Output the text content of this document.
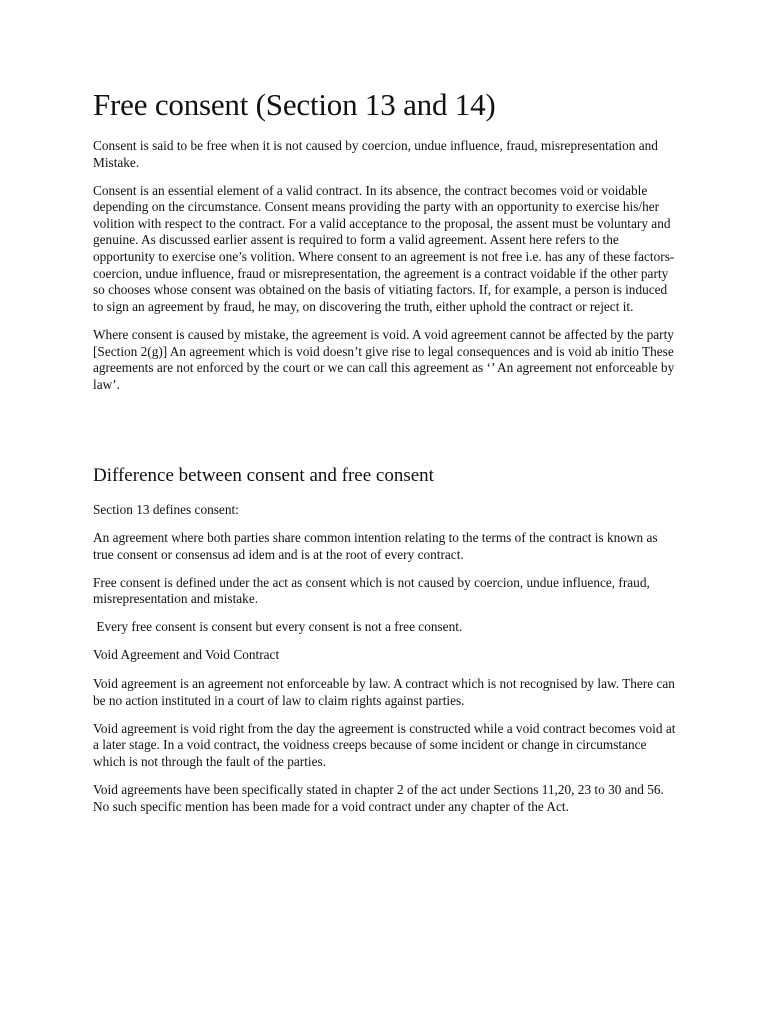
Free consent (Section 13 and 14)

Consent is said to be free when it is not caused by coercion, undue influence, fraud, misrepresentation and Mistake.

Consent is an essential element of a valid contract. In its absence, the contract becomes void or voidable depending on the circumstance. Consent means providing the party with an opportunity to exercise his/her volition with respect to the contract. For a valid acceptance to the proposal, the assent must be voluntary and genuine. As discussed earlier assent is required to form a valid agreement. Assent here refers to the opportunity to exercise one’s volition. Where consent to an agreement is not free i.e. has any of these factors- coercion, undue influence, fraud or misrepresentation, the agreement is a contract voidable if the other party so chooses whose consent was obtained on the basis of vitiating factors. If, for example, a person is induced to sign an agreement by fraud, he may, on discovering the truth, either uphold the contract or reject it.

Where consent is caused by mistake, the agreement is void. A void agreement cannot be affected by the party [Section 2(g)] An agreement which is void doesn’t give rise to legal consequences and is void ab initio These agreements are not enforced by the court or we can call this agreement as ‘’ An agreement not enforceable by law’.

Difference between consent and free consent

Section 13 defines consent:

An agreement where both parties share common intention relating to the terms of the contract is known as true consent or consensus ad idem and is at the root of every contract.

Free consent is defined under the act as consent which is not caused by coercion, undue influence, fraud, misrepresentation and mistake.

Every free consent is consent but every consent is not a free consent.

Void Agreement and Void Contract

Void agreement is an agreement not enforceable by law. A contract which is not recognised by law. There can be no action instituted in a court of law to claim rights against parties.

Void agreement is void right from the day the agreement is constructed while a void contract becomes void at a later stage. In a void contract, the voidness creeps because of some incident or change in circumstance which is not through the fault of the parties.

Void agreements have been specifically stated in chapter 2 of the act under Sections 11,20, 23 to 30 and 56. No such specific mention has been made for a void contract under any chapter of the Act.
